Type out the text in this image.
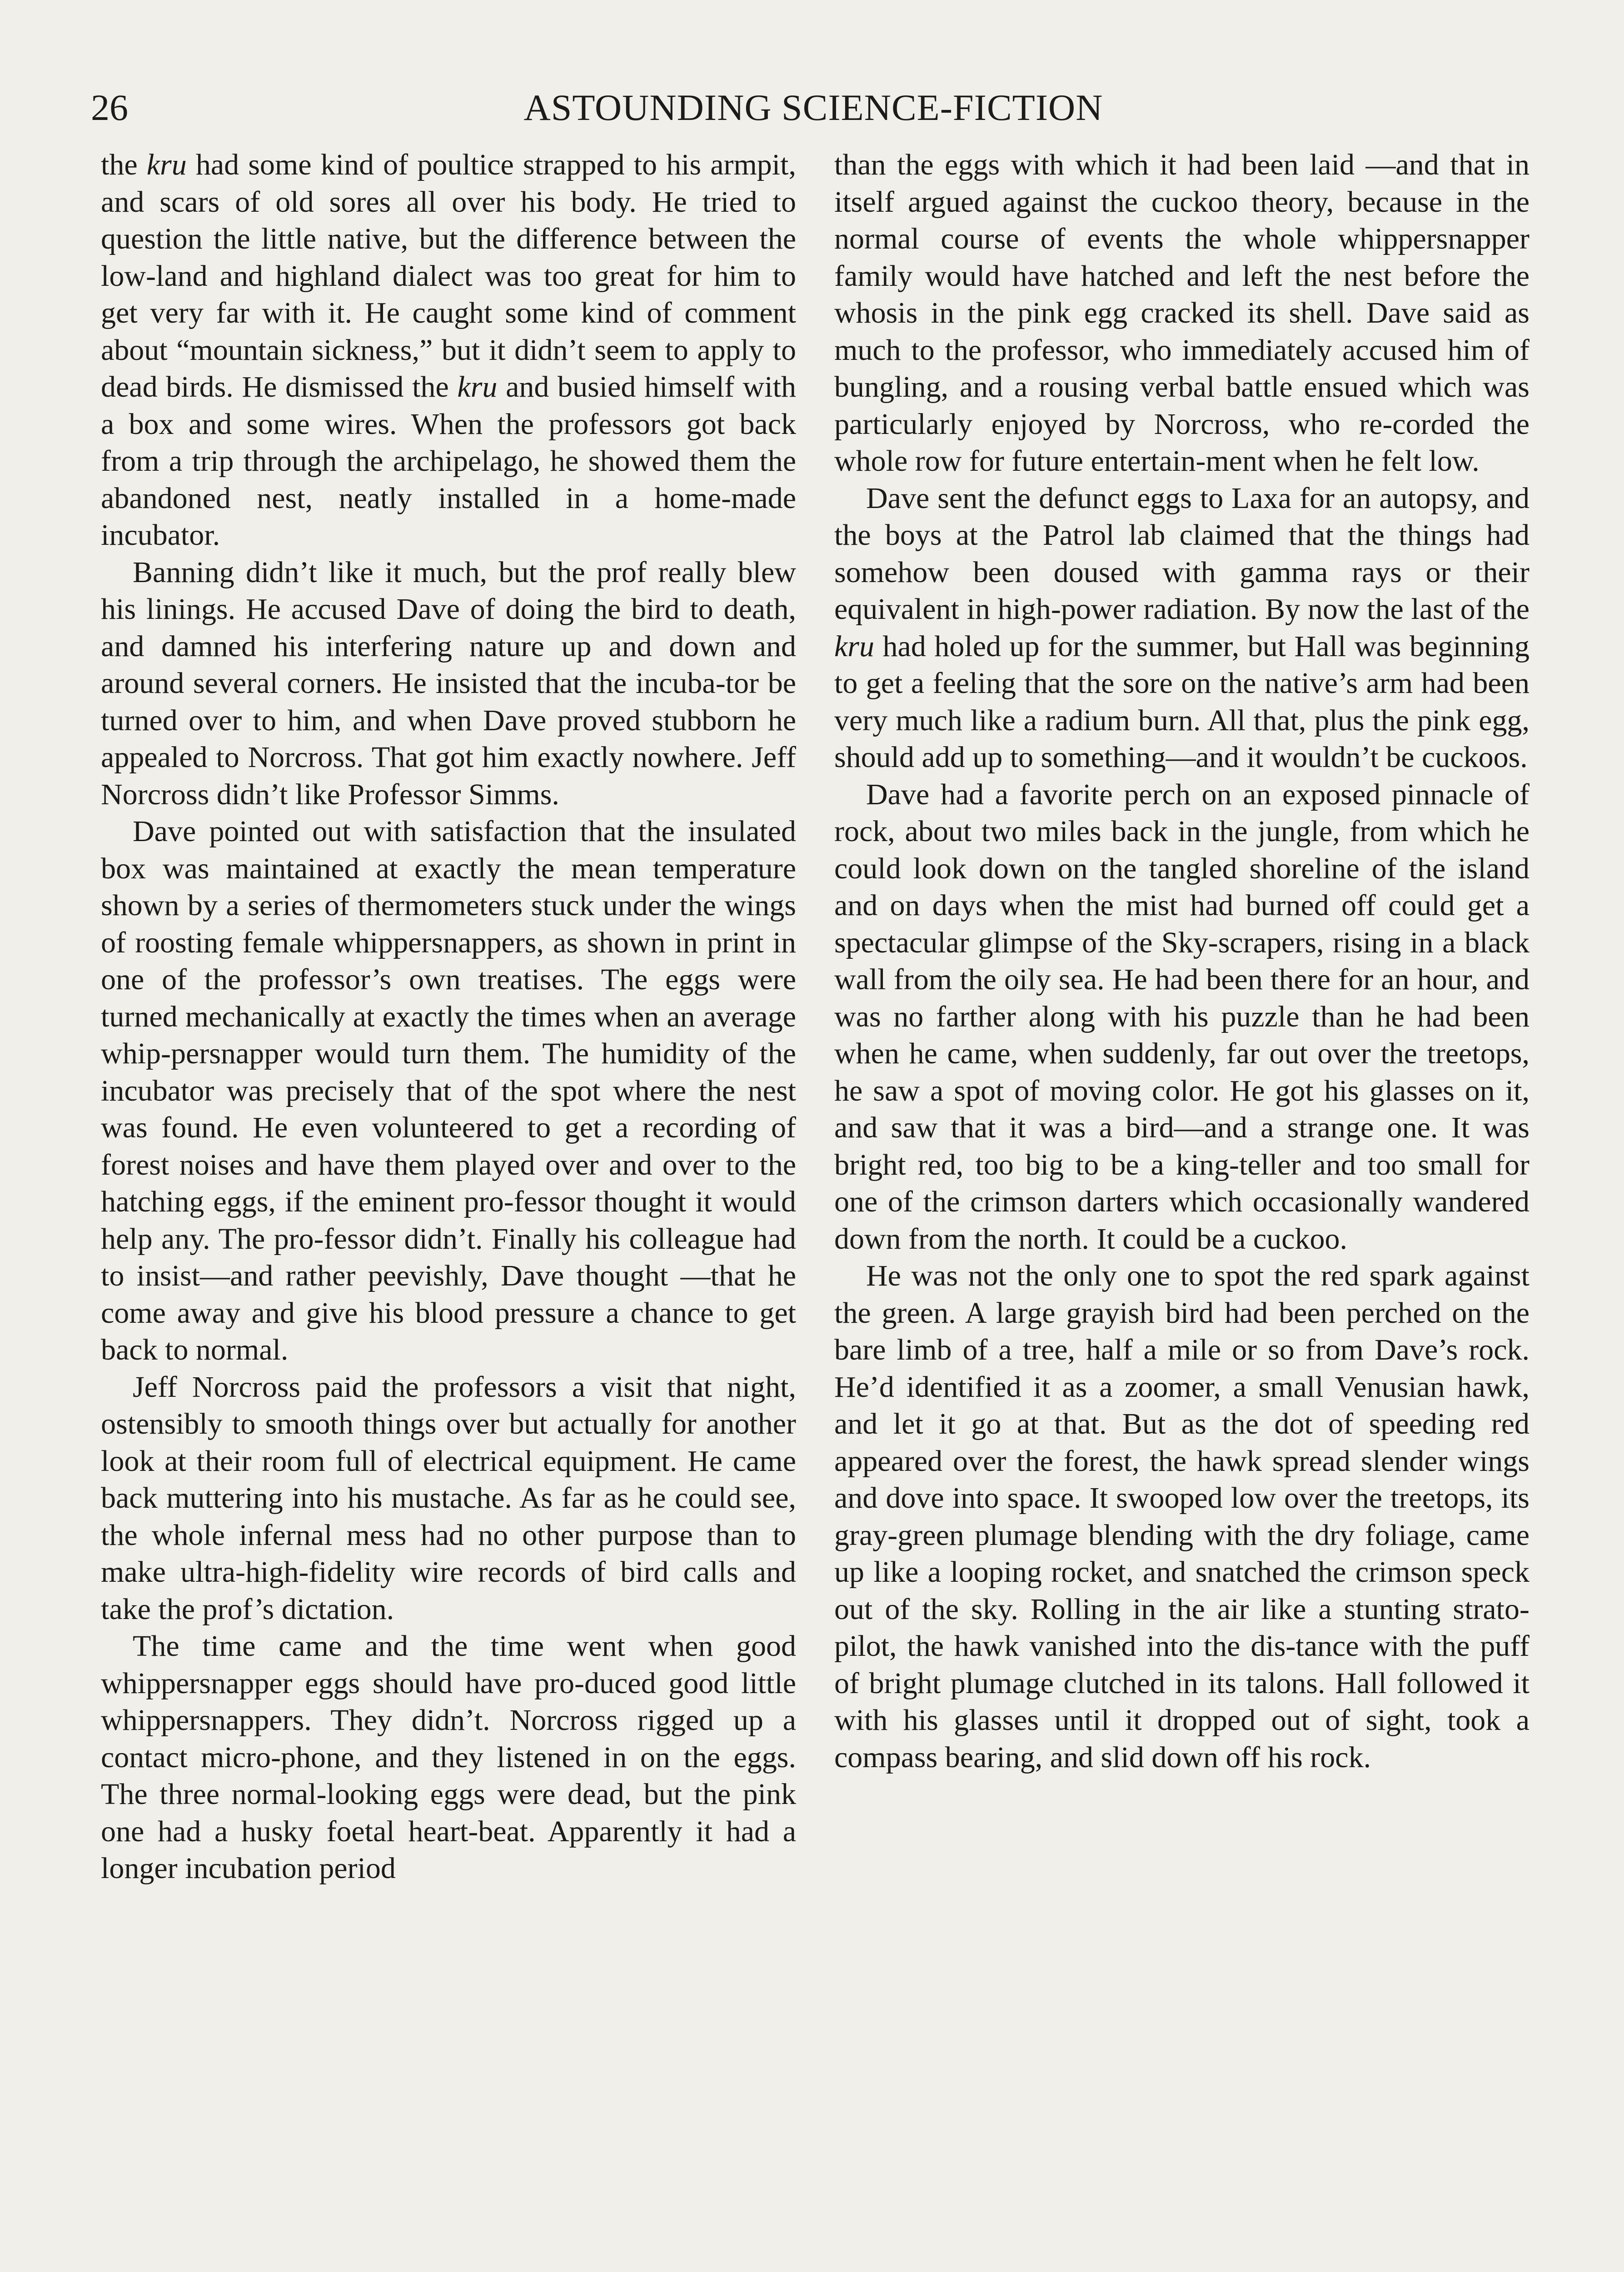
26	ASTOUNDING SCIENCE-FICTION

the kru had some kind of poultice strapped to his armpit, and scars of old sores all over his body. He tried to question the little native, but the difference between the low-land and highland dialect was too great for him to get very far with it. He caught some kind of comment about “mountain sickness,” but it didn’t seem to apply to dead birds. He dismissed the kru and busied himself with a box and some wires. When the professors got back from a trip through the archipelago, he showed them the abandoned nest, neatly installed in a home-made incubator.

Banning didn’t like it much, but the prof really blew his linings. He accused Dave of doing the bird to death, and damned his interfering nature up and down and around several corners. He insisted that the incuba-tor be turned over to him, and when Dave proved stubborn he appealed to Norcross. That got him exactly nowhere. Jeff Norcross didn’t like Professor Simms.

Dave pointed out with satisfaction that the insulated box was maintained at exactly the mean temperature shown by a series of thermometers stuck under the wings of roosting female whippersnappers, as shown in print in one of the professor’s own treatises. The eggs were turned mechanically at exactly the times when an average whip-persnapper would turn them. The humidity of the incubator was precisely that of the spot where the nest was found. He even volunteered to get a recording of forest noises and have them played over and over to the hatching eggs, if the eminent pro-fessor thought it would help any. The pro-fessor didn’t. Finally his colleague had to insist—and rather peevishly, Dave thought —that he come away and give his blood pressure a chance to get back to normal.

Jeff Norcross paid the professors a visit that night, ostensibly to smooth things over but actually for another look at their room full of electrical equipment. He came back muttering into his mustache. As far as he could see, the whole infernal mess had no other purpose than to make ultra-high-fidelity wire records of bird calls and take the prof’s dictation.

The time came and the time went when good whippersnapper eggs should have pro-duced good little whippersnappers. They didn’t. Norcross rigged up a contact micro-phone, and they listened in on the eggs. The three normal-looking eggs were dead, but the pink one had a husky foetal heart-beat. Apparently it had a longer incubation period

than the eggs with which it had been laid —and that in itself argued against the cuckoo theory, because in the normal course of events the whole whippersnapper family would have hatched and left the nest before the whosis in the pink egg cracked its shell. Dave said as much to the professor, who immediately accused him of bungling, and a rousing verbal battle ensued which was particularly enjoyed by Norcross, who re-corded the whole row for future entertain-ment when he felt low.

Dave sent the defunct eggs to Laxa for an autopsy, and the boys at the Patrol lab claimed that the things had somehow been doused with gamma rays or their equivalent in high-power radiation. By now the last of the kru had holed up for the summer, but Hall was beginning to get a feeling that the sore on the native’s arm had been very much like a radium burn. All that, plus the pink egg, should add up to something—and it wouldn’t be cuckoos.

Dave had a favorite perch on an exposed pinnacle of rock, about two miles back in the jungle, from which he could look down on the tangled shoreline of the island and on days when the mist had burned off could get a spectacular glimpse of the Sky-scrapers, rising in a black wall from the oily sea. He had been there for an hour, and was no farther along with his puzzle than he had been when he came, when suddenly, far out over the treetops, he saw a spot of moving color. He got his glasses on it, and saw that it was a bird—and a strange one. It was bright red, too big to be a king-teller and too small for one of the crimson darters which occasionally wandered down from the north. It could be a cuckoo.

He was not the only one to spot the red spark against the green. A large grayish bird had been perched on the bare limb of a tree, half a mile or so from Dave’s rock. He’d identified it as a zoomer, a small Venusian hawk, and let it go at that. But as the dot of speeding red appeared over the forest, the hawk spread slender wings and dove into space. It swooped low over the treetops, its gray-green plumage blending with the dry foliage, came up like a looping rocket, and snatched the crimson speck out of the sky. Rolling in the air like a stunting strato-pilot, the hawk vanished into the dis-tance with the puff of bright plumage clutched in its talons. Hall followed it with his glasses until it dropped out of sight, took a compass bearing, and slid down off his rock.
